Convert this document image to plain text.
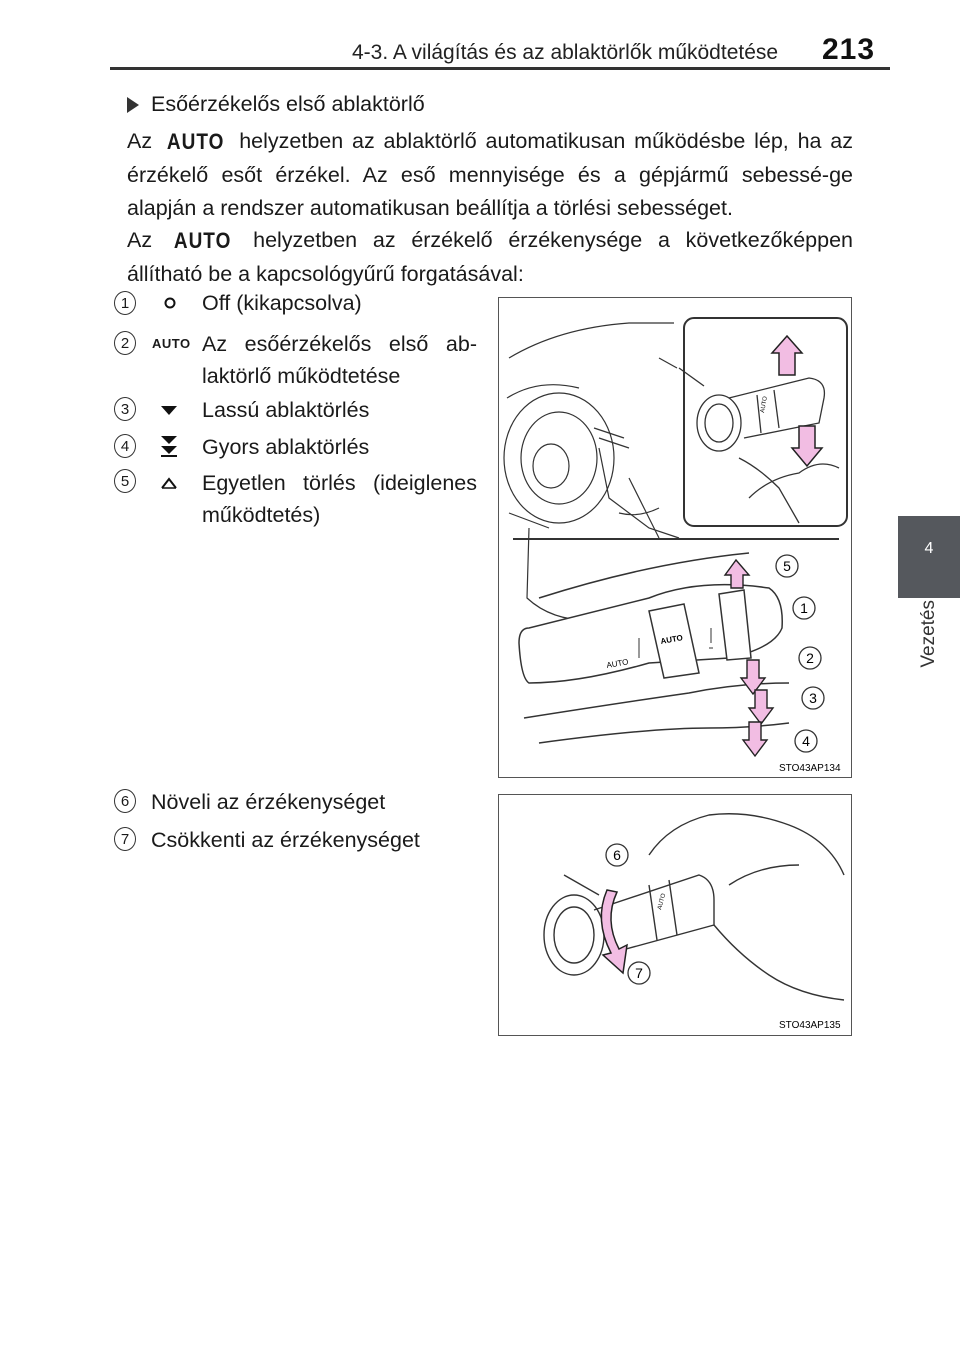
4-3. A világítás és az ablaktörlők működtetése 213
4
Vezetés
Esőérzékelős első ablaktörlő
Az AUTO helyzetben az ablaktörlő automatikusan működésbe lép, ha az érzékelő esőt érzékel. Az eső mennyisége és a gépjármű sebessé-ge alapján a rendszer automatikusan beállítja a törlési sebességet.
Az AUTO helyzetben az érzékelő érzékenysége a következőképpen állítható be a kapcsológyűrű forgatásával:
1	Off (kikapcsolva)
2	AUTO Az esőérzékelős első ab-
laktörlő működtetése
3	Lassú ablaktörlés
4	Gyors ablaktörlés
5	Egyetlen törlés (ideiglenes
működtetés)
6	Növeli az érzékenységet
7	Csökkenti az érzékenységet
AUTO
AUTO
AUTO
5
1
2
3
4
STO43AP134
AUTO
6
7
STO43AP135
